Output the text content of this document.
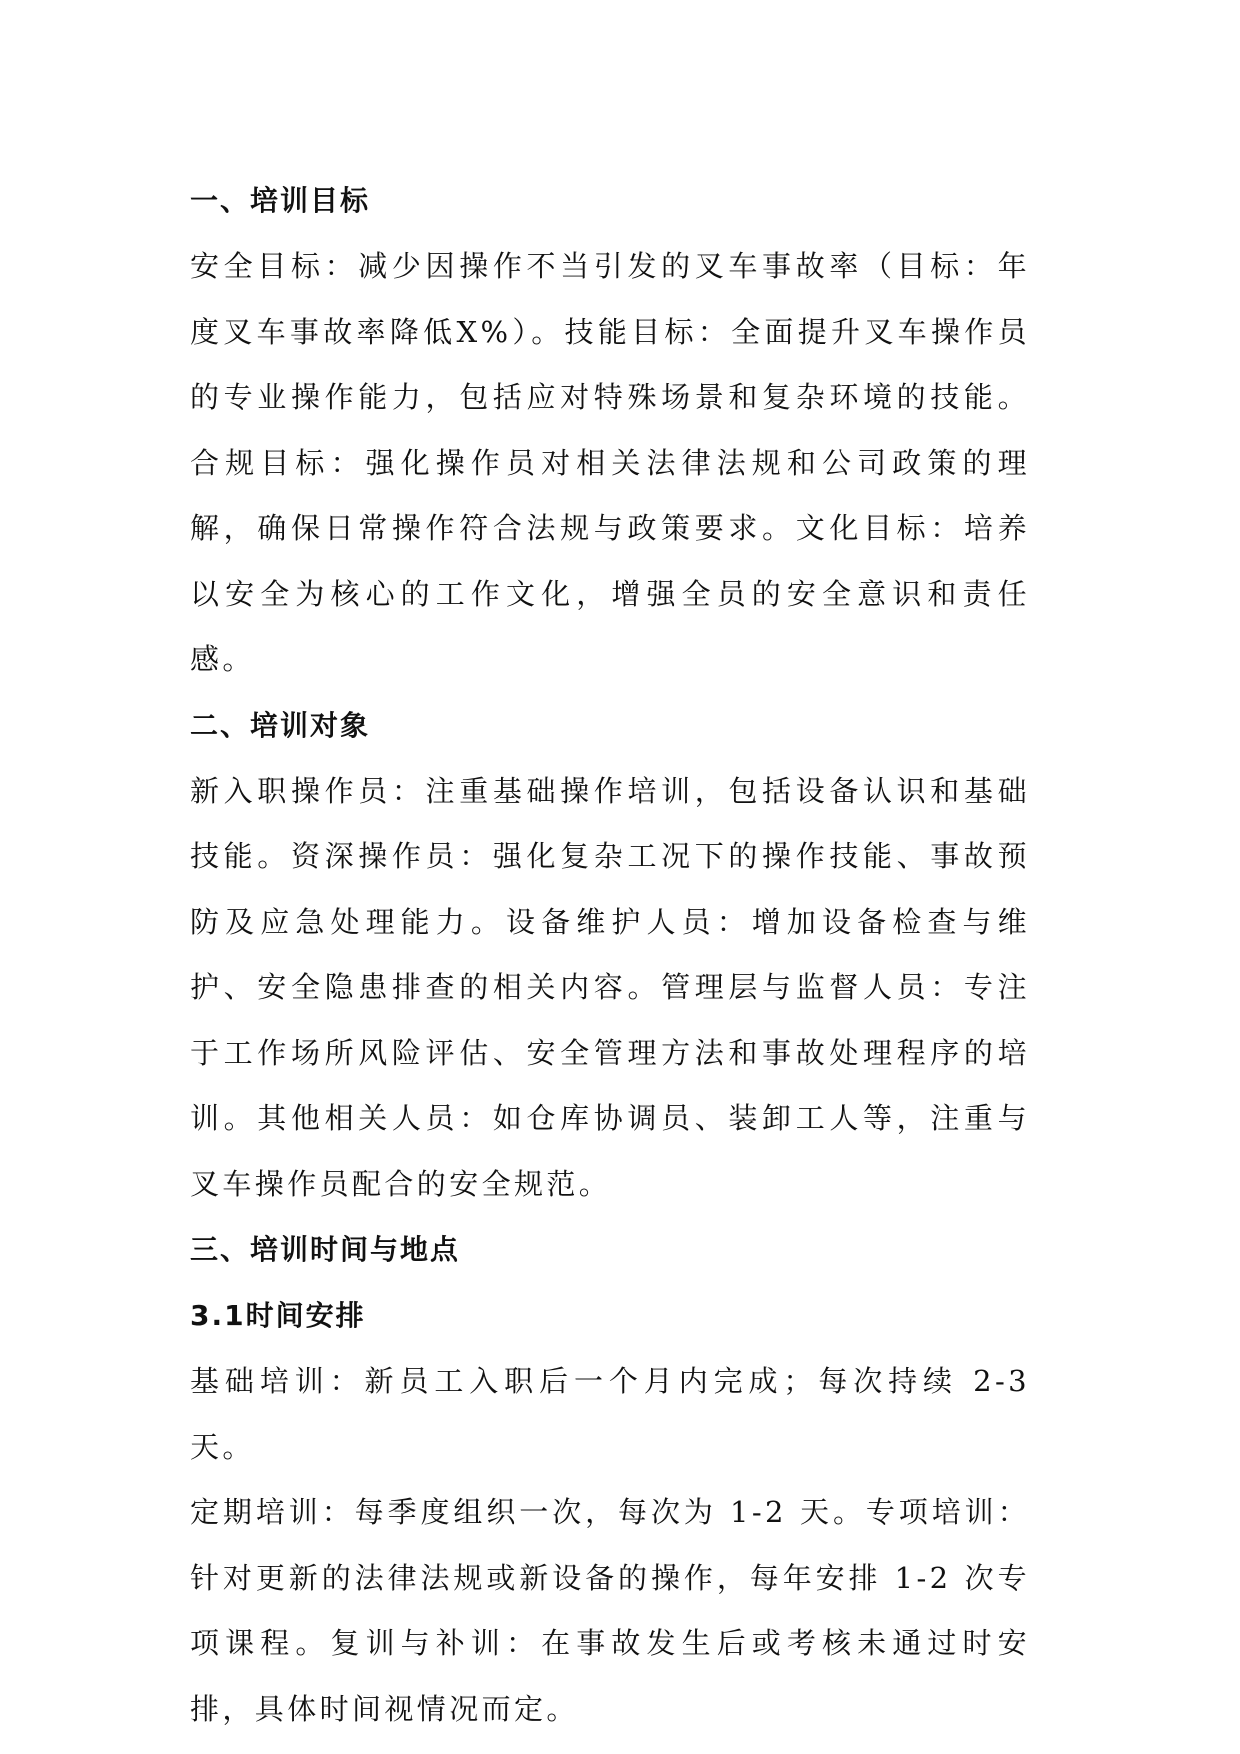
一、培训目标

安全目标：减少因操作不当引发的叉车事故率（目标：年度叉车事故率降低X%）。技能目标：全面提升叉车操作员的专业操作能力，包括应对特殊场景和复杂环境的技能。合规目标：强化操作员对相关法律法规和公司政策的理解，确保日常操作符合法规与政策要求。文化目标：培养以安全为核心的工作文化，增强全员的安全意识和责任感。

二、培训对象

新入职操作员：注重基础操作培训，包括设备认识和基础技能。资深操作员：强化复杂工况下的操作技能、事故预防及应急处理能力。设备维护人员：增加设备检查与维护、安全隐患排查的相关内容。管理层与监督人员：专注于工作场所风险评估、安全管理方法和事故处理程序的培训。其他相关人员：如仓库协调员、装卸工人等，注重与叉车操作员配合的安全规范。

三、培训时间与地点
3.1时间安排

基础培训：新员工入职后一个月内完成；每次持续 2-3 天。

定期培训：每季度组织一次，每次为 1-2 天。专项培训：针对更新的法律法规或新设备的操作，每年安排 1-2 次专项课程。复训与补训：在事故发生后或考核未通过时安排，具体时间视情况而定。
